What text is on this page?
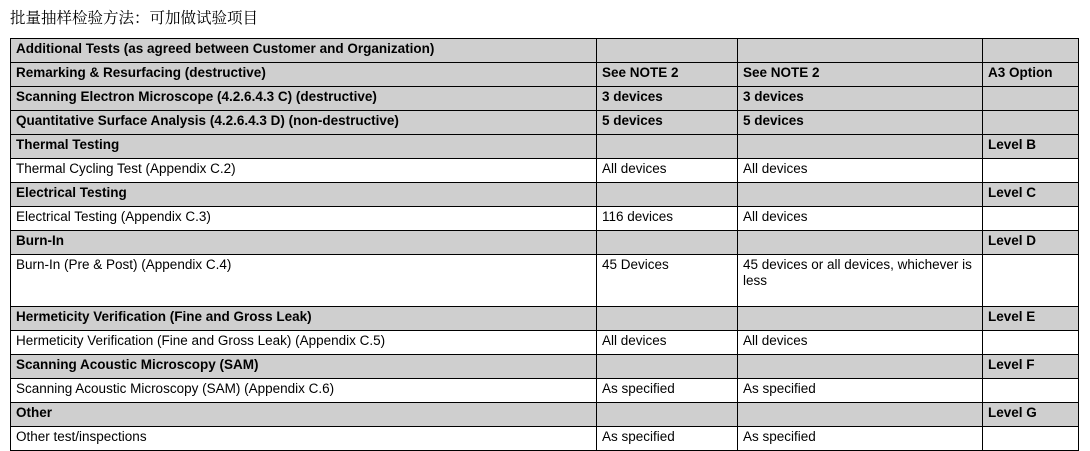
批量抽样检验方法：可加做试验项目
Additional Tests (as agreed between Customer and Organization)			
Remarking & Resurfacing (destructive)	See NOTE 2	See NOTE 2	A3 Option
Scanning Electron Microscope (4.2.6.4.3 C) (destructive)	3 devices	3 devices	
Quantitative Surface Analysis (4.2.6.4.3 D) (non-destructive)	5 devices	5 devices	
Thermal Testing			Level B
Thermal Cycling Test (Appendix C.2)	All devices	All devices	
Electrical Testing			Level C
Electrical Testing (Appendix C.3)	116 devices	All devices	
Burn-In			Level D
Burn-In (Pre & Post) (Appendix C.4)	45 Devices	45 devices or all devices, whichever is less	
Hermeticity Verification (Fine and Gross Leak)			Level E
Hermeticity Verification (Fine and Gross Leak) (Appendix C.5)	All devices	All devices	
Scanning Acoustic Microscopy (SAM)			Level F
Scanning Acoustic Microscopy (SAM) (Appendix C.6)	As specified	As specified	
Other			Level G
Other test/inspections	As specified	As specified	
